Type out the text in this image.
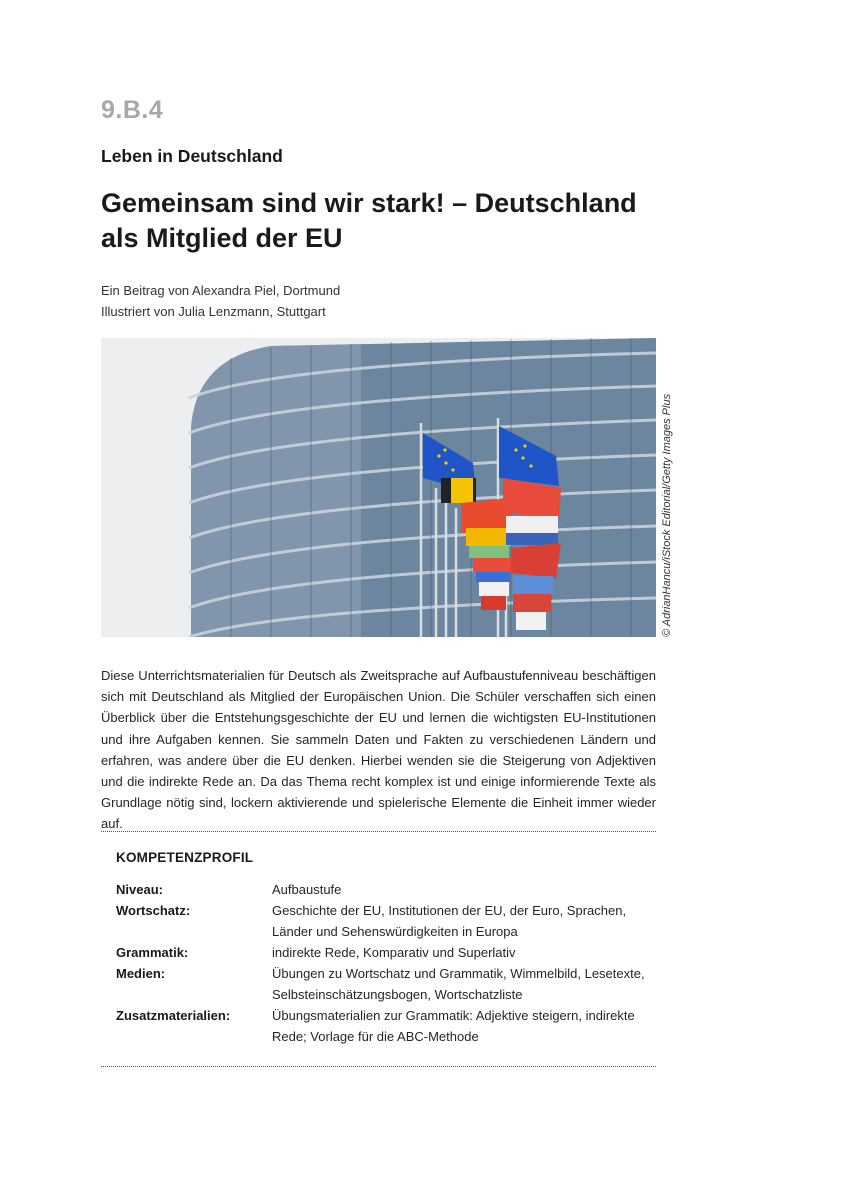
9.B.4
Leben in Deutschland
Gemeinsam sind wir stark! – Deutschland als Mitglied der EU
Ein Beitrag von Alexandra Piel, Dortmund
Illustriert von Julia Lenzmann, Stuttgart
© AdrianHancu/iStock Editorial/Getty Images Plus
Diese Unterrichtsmaterialien für Deutsch als Zweitsprache auf Aufbaustufenniveau beschäftigen sich mit Deutschland als Mitglied der Europäischen Union. Die Schüler verschaffen sich einen Überblick über die Entstehungsgeschichte der EU und lernen die wichtigsten EU-Institutionen und ihre Aufgaben kennen. Sie sammeln Daten und Fakten zu verschiedenen Ländern und erfahren, was andere über die EU denken. Hierbei wenden sie die Steigerung von Adjektiven und die indirekte Rede an. Da das Thema recht komplex ist und einige informierende Texte als Grundlage nötig sind, lockern aktivierende und spielerische Elemente die Einheit immer wieder auf.
KOMPETENZPROFIL
Niveau:	Aufbaustufe
Wortschatz:	Geschichte der EU, Institutionen der EU, der Euro, Sprachen, Länder und Sehenswürdigkeiten in Europa
Grammatik:	indirekte Rede, Komparativ und Superlativ
Medien:	Übungen zu Wortschatz und Grammatik, Wimmelbild, Lesetexte, Selbsteinschätzungsbogen, Wortschatzliste
Zusatzmaterialien:	Übungsmaterialien zur Grammatik: Adjektive steigern, indirekte Rede; Vorlage für die ABC-Methode
